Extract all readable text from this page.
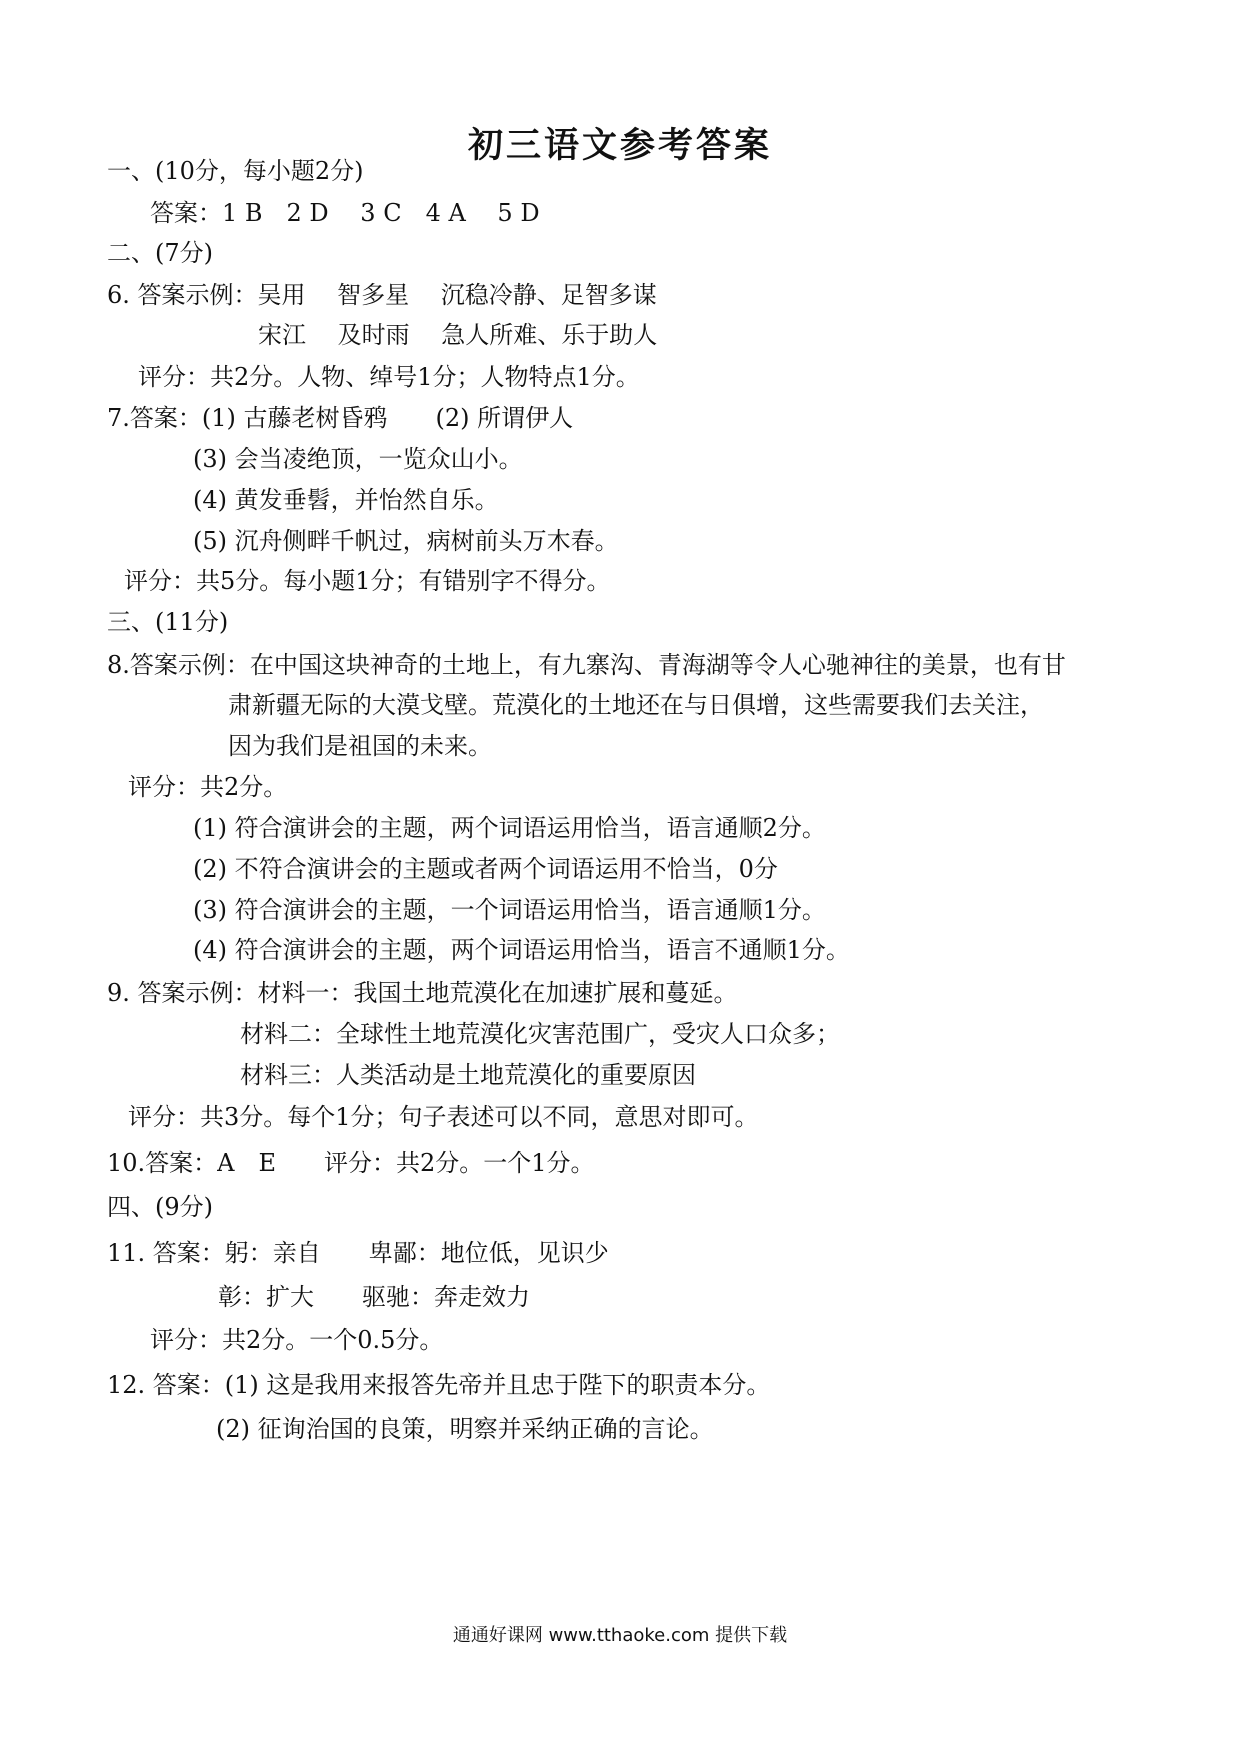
初三语文参考答案
一、(10分，每小题2分)
答案：1 B　2 D　 3 C　4 A　 5 D
二、(7分)
6. 答案示例：吴用　 智多星　 沉稳冷静、足智多谋
宋江　 及时雨　 急人所难、乐于助人
评分：共2分。人物、绰号1分；人物特点1分。
7.答案：(1) 古藤老树昏鸦　　(2) 所谓伊人
(3) 会当凌绝顶，一览众山小。
(4) 黄发垂髫，并怡然自乐。
(5) 沉舟侧畔千帆过，病树前头万木春。
评分：共5分。每小题1分；有错别字不得分。
三、(11分)
8.答案示例：在中国这块神奇的土地上，有九寨沟、青海湖等令人心驰神往的美景，也有甘
肃新疆无际的大漠戈壁。荒漠化的土地还在与日俱增，这些需要我们去关注，
因为我们是祖国的未来。
评分：共2分。
(1) 符合演讲会的主题，两个词语运用恰当，语言通顺2分。
(2) 不符合演讲会的主题或者两个词语运用不恰当，0分
(3) 符合演讲会的主题，一个词语运用恰当，语言通顺1分。
(4) 符合演讲会的主题，两个词语运用恰当，语言不通顺1分。
9. 答案示例：材料一：我国土地荒漠化在加速扩展和蔓延。
材料二：全球性土地荒漠化灾害范围广，受灾人口众多；
材料三：人类活动是土地荒漠化的重要原因
评分：共3分。每个1分；句子表述可以不同，意思对即可。
10.答案：A　E　　评分：共2分。一个1分。
四、(9分)
11. 答案：躬：亲自　　卑鄙：地位低，见识少
彰：扩大　　驱驰：奔走效力
评分：共2分。一个0.5分。
12. 答案：(1) 这是我用来报答先帝并且忠于陛下的职责本分。
(2) 征询治国的良策，明察并采纳正确的言论。
通通好课网 www.tthaoke.com 提供下载
